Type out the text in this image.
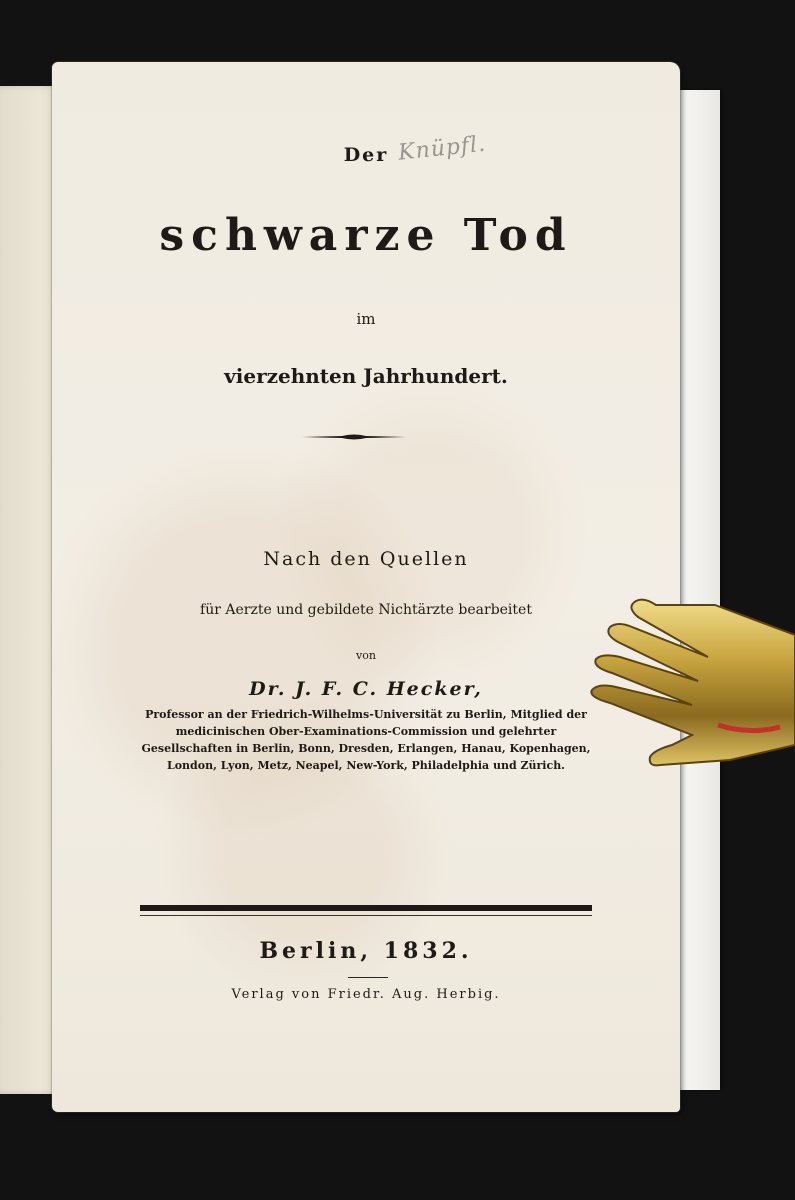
Knüpfl.
Der
schwarze Tod
im
vierzehnten Jahrhundert.
Nach den Quellen
für Aerzte und gebildete Nichtärzte bearbeitet
von
Dr. J. F. C. Hecker,
Professor an der Friedrich-Wilhelms-Universität zu Berlin, Mitglied der medicinischen Ober-Examinations-Commission und gelehrter Gesellschaften in Berlin, Bonn, Dresden, Erlangen, Hanau, Kopenhagen, London, Lyon, Metz, Neapel, New-York, Philadelphia und Zürich.
Berlin, 1832.
Verlag von Friedr. Aug. Herbig.
